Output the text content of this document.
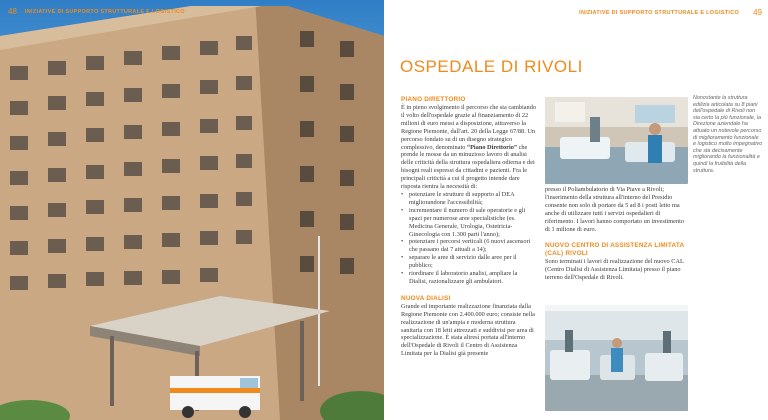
48 INIZIATIVE DI SUPPORTO STRUTTURALE E LOGISTICO	INIZIATIVE DI SUPPORTO STRUTTURALE E LOGISTICO 49
OSPEDALE DI RIVOLI
PIANO DIRETTORIO

È in pieno svolgimento il percorso che sta cambiando il volto dell'ospedale grazie al finanziamento di 22 milioni di euro messi a disposizione, attraverso la Regione Piemonte, dall'art. 20 della Legge 67/88. Un percorso fondato su di un disegno strategico complessivo, denominato “Piano Direttorio” che prende le mosse da un minuzioso lavoro di analisi delle criticità della struttura ospedaliera odierna e dei bisogni reali espressi da cittadini e pazienti. Fra le principali criticità a cui il progetto intende dare risposta rientra la necessità di:

• potenziare le strutture di supporto al DEA migliorandone l'accessibilità;
• incrementare il numero di sale operatorie e gli spazi per numerose aree specialistiche (es. Medicina Generale, Urologia, Ostetricia-Ginecologia con 1.300 parti l'anno);
• potenziare i percorsi verticali (6 nuovi ascensori che passano dai 7 attuali a 14);
• separare le aree di servizio dalle aree per il pubblico;
• riordinare il laboratorio analisi, ampliare la Dialisi, razionalizzare gli ambulatori.
NUOVA DIALISI

Grande ed importante realizzazione finanziata dalla Regione Piemonte con 2.400.000 euro; consiste nella realizzazione di un'ampia e moderna struttura sanitaria con 18 letti attrezzati e suddivisi per area di specializzazione. È stata altresì portata all'interno dell'Ospedale di Rivoli il Centro di Assistenza Limitata per la Dialisi già presente

presso il Poliambulatorio di Via Piave a Rivoli; l'inserimento della struttura all'interno del Presidio consente non solo di portare da 5 ad 8 i posti letto ma anche di utilizzare tutti i servizi ospedalieri di riferimento. I lavori hanno comportato un investimento di 1 milione di euro.

NUOVO CENTRO DI ASSISTENZA LIMITATA (CAL) RIVOLI

Sono terminati i lavori di realizzazione del nuovo CAL (Centro Dialisi di Assistenza Limitata) presso il piano terreno dell'Ospedale di Rivoli.

Nonostante la struttura edilizia articolata su 8 piani dell'ospedale di Rivoli non sia certo la più funzionale, la Direzione aziendale ha attuato un notevole percorso di miglioramento funzionale e logistico molto impegnativo che sta decisamente migliorando la funzionalità e quindi la fruibilità della struttura.
